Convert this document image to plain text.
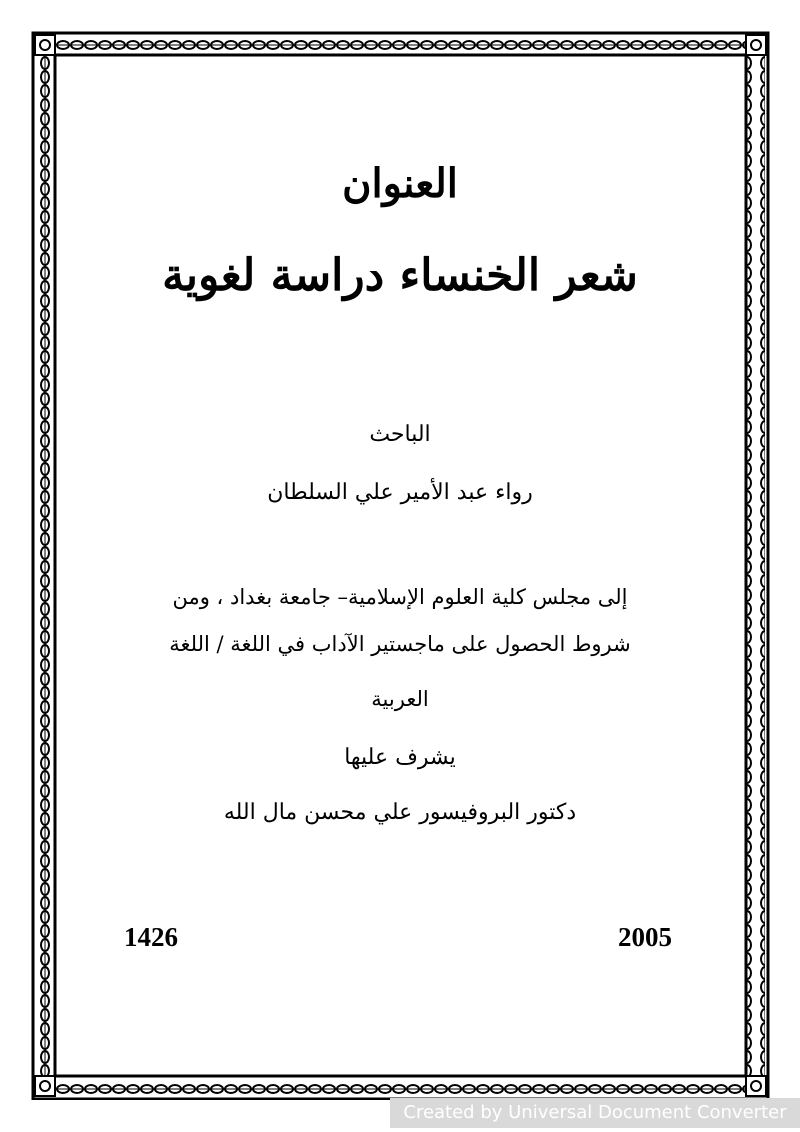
العنوان

شعر الخنساء دراسة لغوية

الباحث

رواء عبد الأمير علي السلطان

إلى مجلس كلية العلوم الإسلامية– جامعة بغداد ، ومن

شروط الحصول على ماجستير الآداب في اللغة / اللغة

العربية

يشرف عليها

دكتور البروفيسور علي محسن مال الله

1426	2005

Created by Universal Document Converter
